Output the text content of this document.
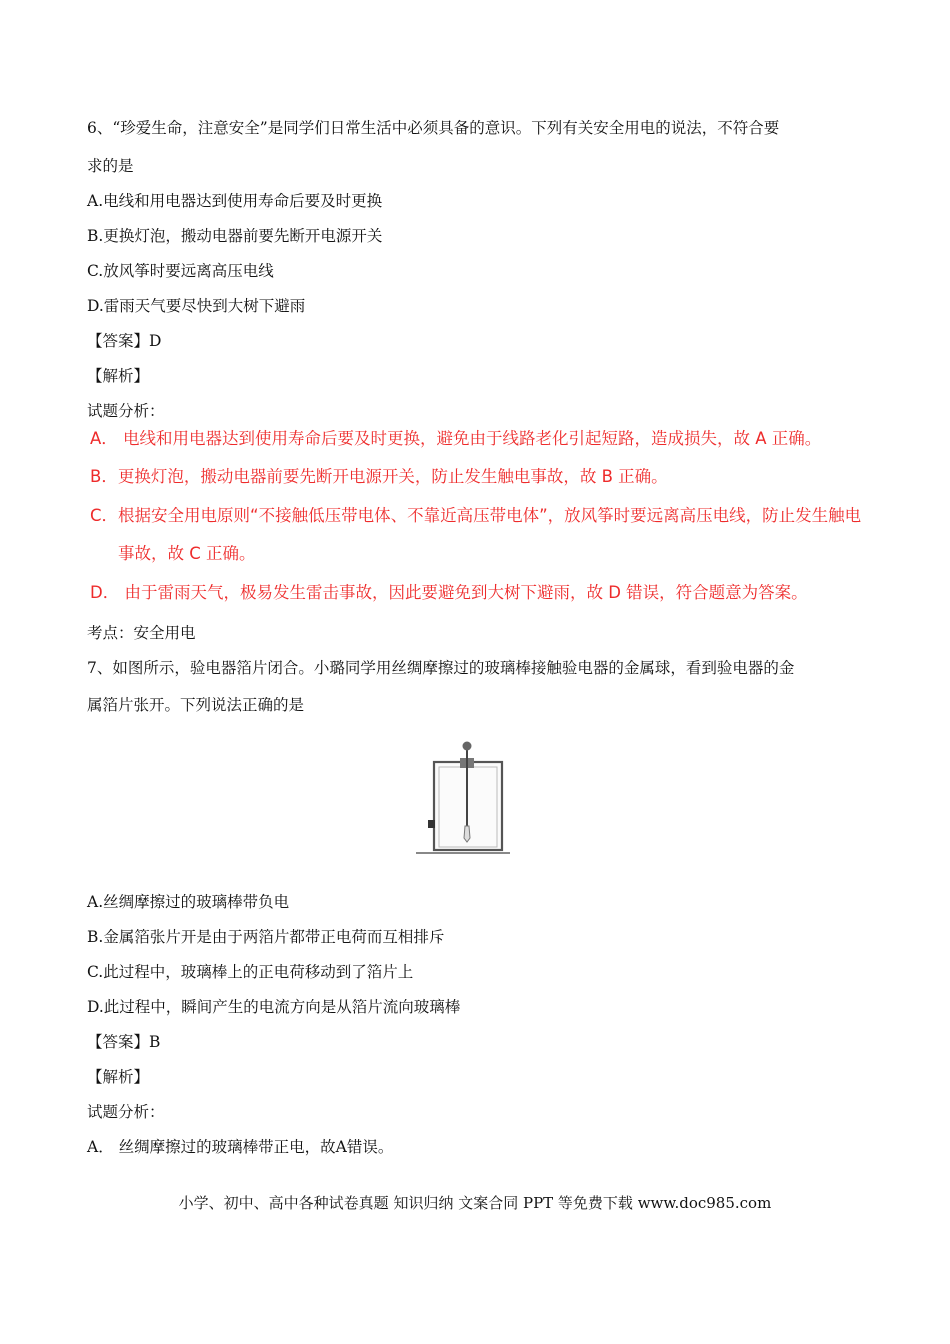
6、“珍爱生命，注意安全”是同学们日常生活中必须具备的意识。下列有关安全用电的说法，不符合要
求的是
A.电线和用电器达到使用寿命后要及时更换
B.更换灯泡，搬动电器前要先断开电源开关
C.放风筝时要远离高压电线
D.雷雨天气要尽快到大树下避雨
【答案】D
【解析】
试题分析：
A． 电线和用电器达到使用寿命后要及时更换，避免由于线路老化引起短路，造成损失，故 A 正确。
B．更换灯泡，搬动电器前要先断开电源开关，防止发生触电事故，故 B 正确。
C．根据安全用电原则“不接触低压带电体、不靠近高压带电体”，放风筝时要远离高压电线，防止发生触电
事故，故 C 正确。
D． 由于雷雨天气，极易发生雷击事故，因此要避免到大树下避雨，故 D 错误，符合题意为答案。
考点：安全用电
7、如图所示，验电器箔片闭合。小璐同学用丝绸摩擦过的玻璃棒接触验电器的金属球，看到验电器的金
属箔片张开。下列说法正确的是
A.丝绸摩擦过的玻璃棒带负电
B.金属箔张片开是由于两箔片都带正电荷而互相排斥
C.此过程中，玻璃棒上的正电荷移动到了箔片上
D.此过程中，瞬间产生的电流方向是从箔片流向玻璃棒
【答案】B
【解析】
试题分析：
A． 丝绸摩擦过的玻璃棒带正电，故A错误。
小学、初中、高中各种试卷真题 知识归纳 文案合同 PPT 等免费下载 www.doc985.com
